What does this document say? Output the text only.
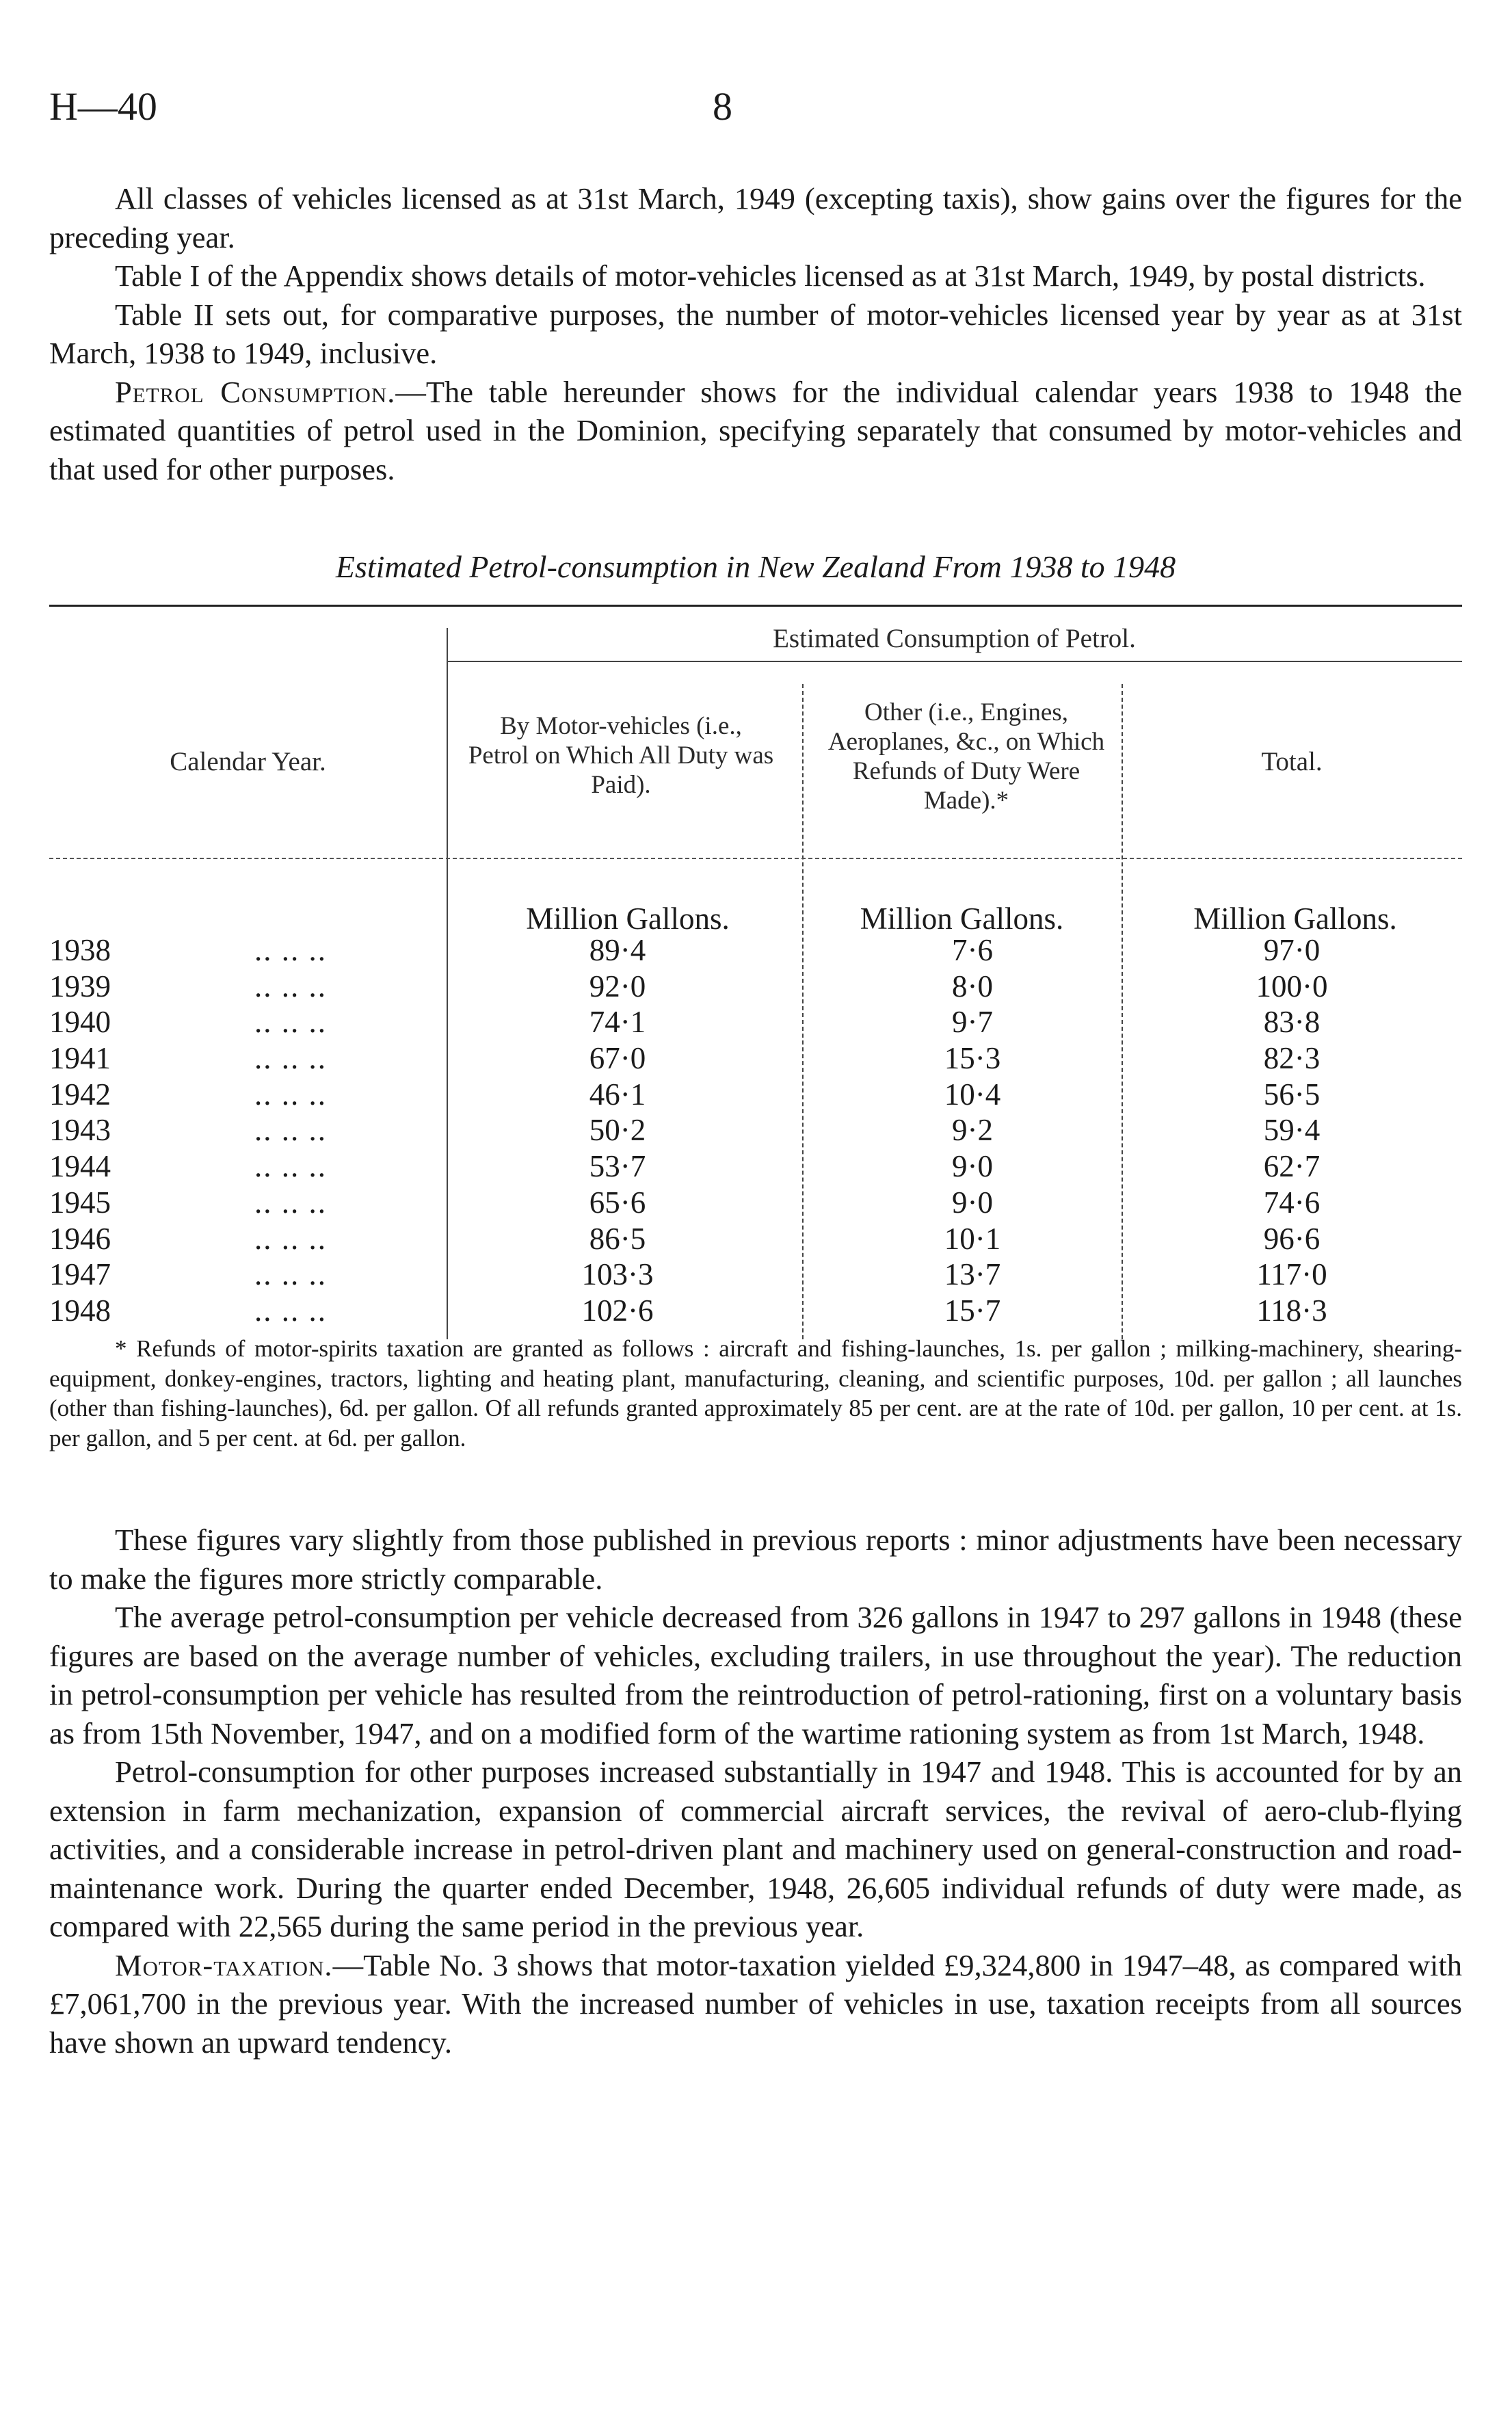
H—40	8

All classes of vehicles licensed as at 31st March, 1949 (excepting taxis), show gains over the figures for the preceding year.

Table I of the Appendix shows details of motor-vehicles licensed as at 31st March, 1949, by postal districts.

Table II sets out, for comparative purposes, the number of motor-vehicles licensed year by year as at 31st March, 1938 to 1949, inclusive.

Petrol Consumption.—The table hereunder shows for the individual calendar years 1938 to 1948 the estimated quantities of petrol used in the Dominion, specifying separately that consumed by motor-vehicles and that used for other purposes.

Estimated Petrol-consumption in New Zealand From 1938 to 1948
Estimated Consumption of Petrol.
Calendar Year.
By Motor-vehicles (i.e., Petrol on Which All Duty was Paid).
Other (i.e., Engines, Aeroplanes, &c., on Which Refunds of Duty Were Made).*
Total.
Million Gallons.	Million Gallons.	Million Gallons.
1938	.. .. ..	89·4	7·6	97·0
1939	.. .. ..	92·0	8·0	100·0
1940	.. .. ..	74·1	9·7	83·8
1941	.. .. ..	67·0	15·3	82·3
1942	.. .. ..	46·1	10·4	56·5
1943	.. .. ..	50·2	9·2	59·4
1944	.. .. ..	53·7	9·0	62·7
1945	.. .. ..	65·6	9·0	74·6
1946	.. .. ..	86·5	10·1	96·6
1947	.. .. ..	103·3	13·7	117·0
1948	.. .. ..	102·6	15·7	118·3

* Refunds of motor-spirits taxation are granted as follows : aircraft and fishing-launches, 1s. per gallon ; milking-machinery, shearing-equipment, donkey-engines, tractors, lighting and heating plant, manufacturing, cleaning, and scientific purposes, 10d. per gallon ; all launches (other than fishing-launches), 6d. per gallon. Of all refunds granted approximately 85 per cent. are at the rate of 10d. per gallon, 10 per cent. at 1s. per gallon, and 5 per cent. at 6d. per gallon.

These figures vary slightly from those published in previous reports : minor adjustments have been necessary to make the figures more strictly comparable.

The average petrol-consumption per vehicle decreased from 326 gallons in 1947 to 297 gallons in 1948 (these figures are based on the average number of vehicles, excluding trailers, in use throughout the year). The reduction in petrol-consumption per vehicle has resulted from the reintroduction of petrol-rationing, first on a voluntary basis as from 15th November, 1947, and on a modified form of the wartime rationing system as from 1st March, 1948.

Petrol-consumption for other purposes increased substantially in 1947 and 1948. This is accounted for by an extension in farm mechanization, expansion of commercial aircraft services, the revival of aero-club-flying activities, and a considerable increase in petrol-driven plant and machinery used on general-construction and road-maintenance work. During the quarter ended December, 1948, 26,605 individual refunds of duty were made, as compared with 22,565 during the same period in the previous year.

Motor-taxation.—Table No. 3 shows that motor-taxation yielded £9,324,800 in 1947–48, as compared with £7,061,700 in the previous year. With the increased number of vehicles in use, taxation receipts from all sources have shown an upward tendency.
